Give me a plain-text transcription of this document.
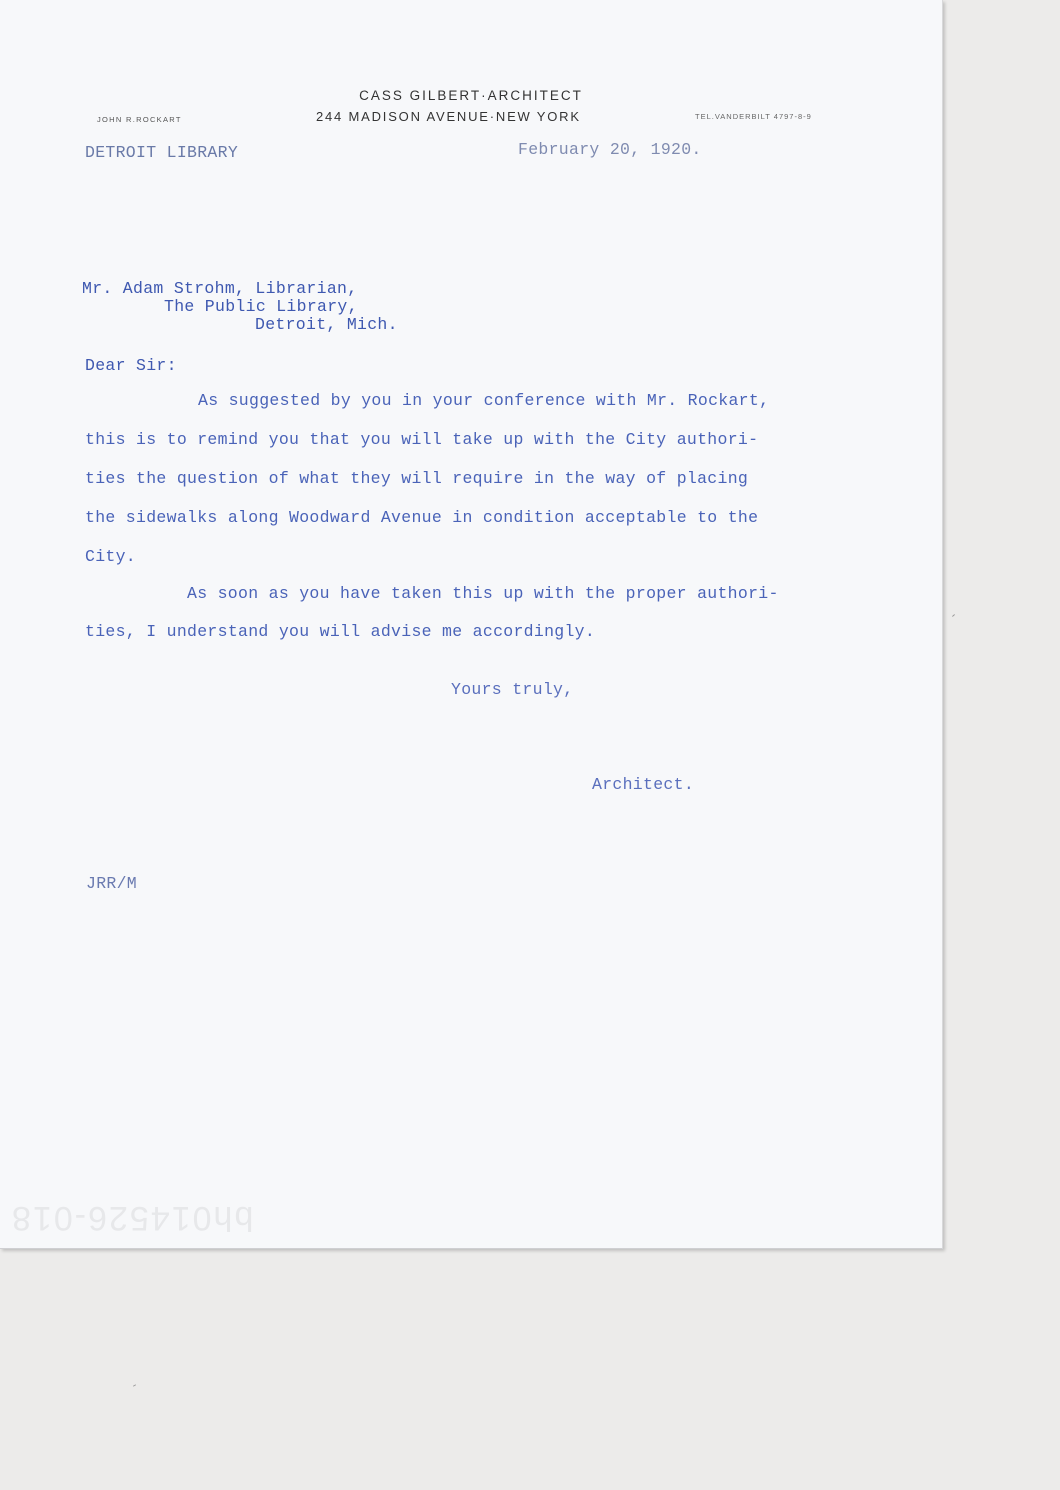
CASS GILBERT·ARCHITECT
244 MADISON AVENUE·NEW YORK
JOHN R.ROCKART	TEL.VANDERBILT 4797-8-9
DETROIT LIBRARY	February 20, 1920.
Mr. Adam Strohm, Librarian,
The Public Library,
Detroit, Mich.
Dear Sir:
As suggested by you in your conference with Mr. Rockart,
this is to remind you that you will take up with the City authori-
ties the question of what they will require in the way of placing
the sidewalks along Woodward Avenue in condition acceptable to the
City.
As soon as you have taken this up with the proper authori-
ties, I understand you will advise me accordingly.
Yours truly,
Architect.
JRR/M
bh014526-018
